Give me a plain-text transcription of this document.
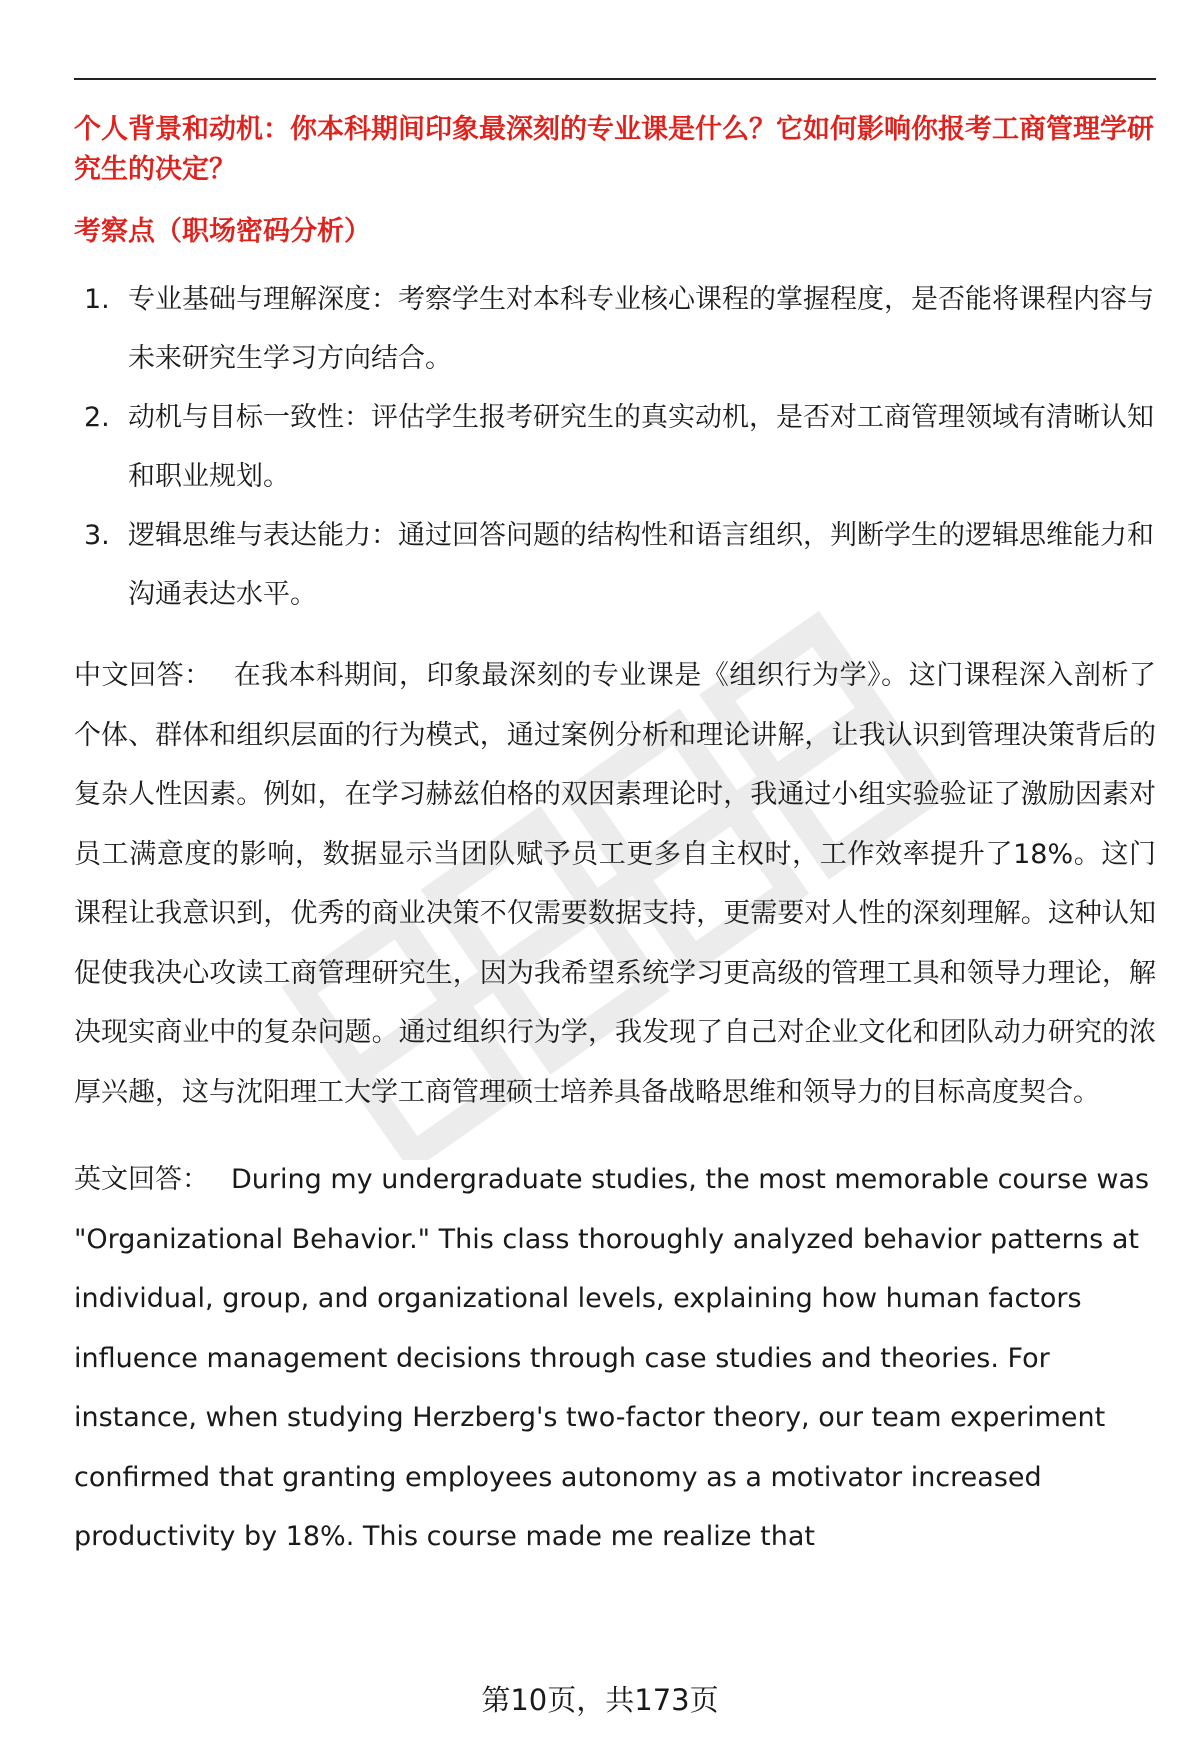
个人背景和动机：你本科期间印象最深刻的专业课是什么？它如何影响你报考工商管理学研究生的决定？
考察点（职场密码分析）
1. 专业基础与理解深度：考察学生对本科专业核心课程的掌握程度，是否能将课程内容与未来研究生学习方向结合。
2. 动机与目标一致性：评估学生报考研究生的真实动机，是否对工商管理领域有清晰认知和职业规划。
3. 逻辑思维与表达能力：通过回答问题的结构性和语言组织，判断学生的逻辑思维能力和沟通表达水平。

中文回答： 在我本科期间，印象最深刻的专业课是《组织行为学》。这门课程深入剖析了个体、群体和组织层面的行为模式，通过案例分析和理论讲解，让我认识到管理决策背后的复杂人性因素。例如，在学习赫兹伯格的双因素理论时，我通过小组实验验证了激励因素对员工满意度的影响，数据显示当团队赋予员工更多自主权时，工作效率提升了18%。这门课程让我意识到，优秀的商业决策不仅需要数据支持，更需要对人性的深刻理解。这种认知促使我决心攻读工商管理研究生，因为我希望系统学习更高级的管理工具和领导力理论，解决现实商业中的复杂问题。通过组织行为学，我发现了自己对企业文化和团队动力研究的浓厚兴趣，这与沈阳理工大学工商管理硕士培养具备战略思维和领导力的目标高度契合。

英文回答： During my undergraduate studies, the most memorable course was "Organizational Behavior." This class thoroughly analyzed behavior patterns at individual, group, and organizational levels, explaining how human factors influence management decisions through case studies and theories. For instance, when studying Herzberg's two-factor theory, our team experiment confirmed that granting employees autonomy as a motivator increased productivity by 18%. This course made me realize that

第10页，共173页
